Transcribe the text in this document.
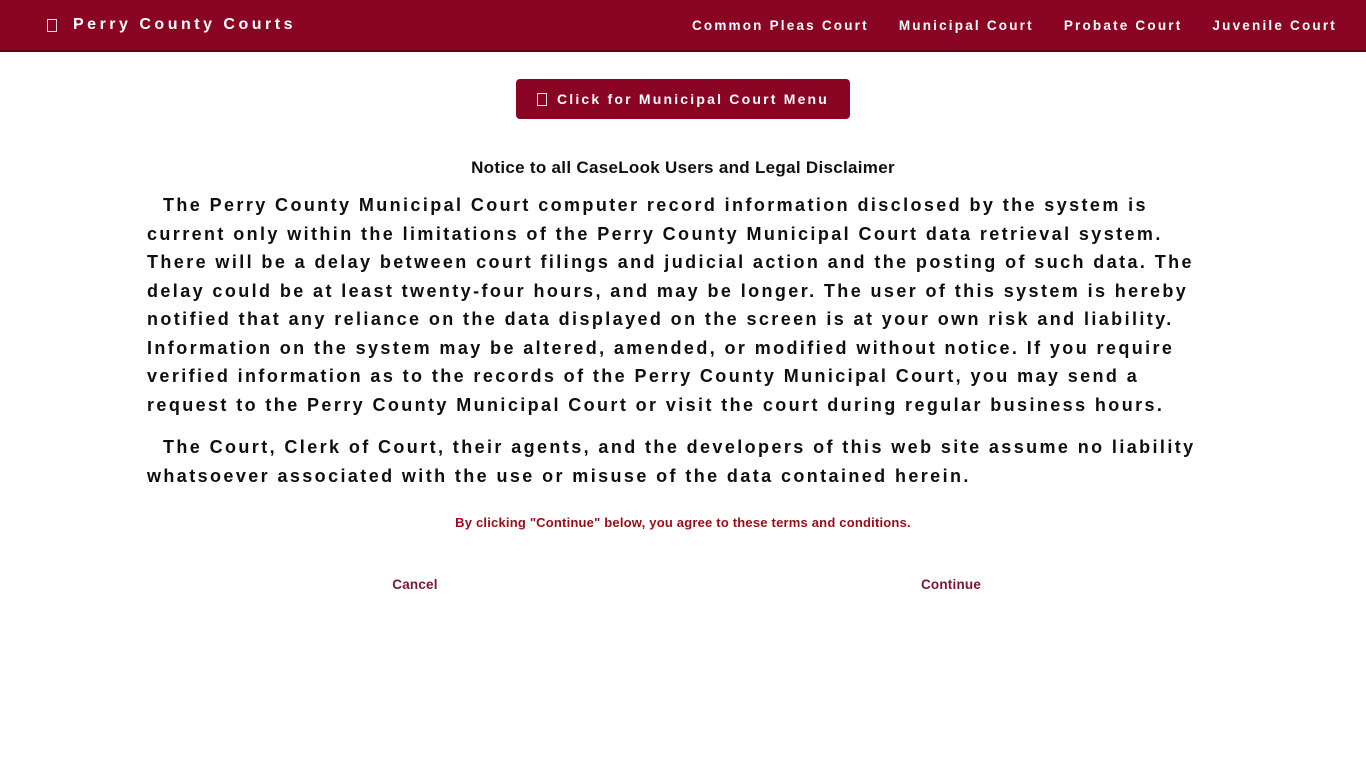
Perry County Courts	Common Pleas Court Municipal Court Probate Court Juvenile Court
Click for Municipal Court Menu
Notice to all CaseLook Users and Legal Disclaimer

The Perry County Municipal Court computer record information disclosed by the system is current only within the limitations of the Perry County Municipal Court data retrieval system. There will be a delay between court filings and judicial action and the posting of such data. The delay could be at least twenty-four hours, and may be longer. The user of this system is hereby notified that any reliance on the data displayed on the screen is at your own risk and liability. Information on the system may be altered, amended, or modified without notice. If you require verified information as to the records of the Perry County Municipal Court, you may send a request to the Perry County Municipal Court or visit the court during regular business hours.

The Court, Clerk of Court, their agents, and the developers of this web site assume no liability whatsoever associated with the use or misuse of the data contained herein.

By clicking "Continue" below, you agree to these terms and conditions.
Cancel	Continue
